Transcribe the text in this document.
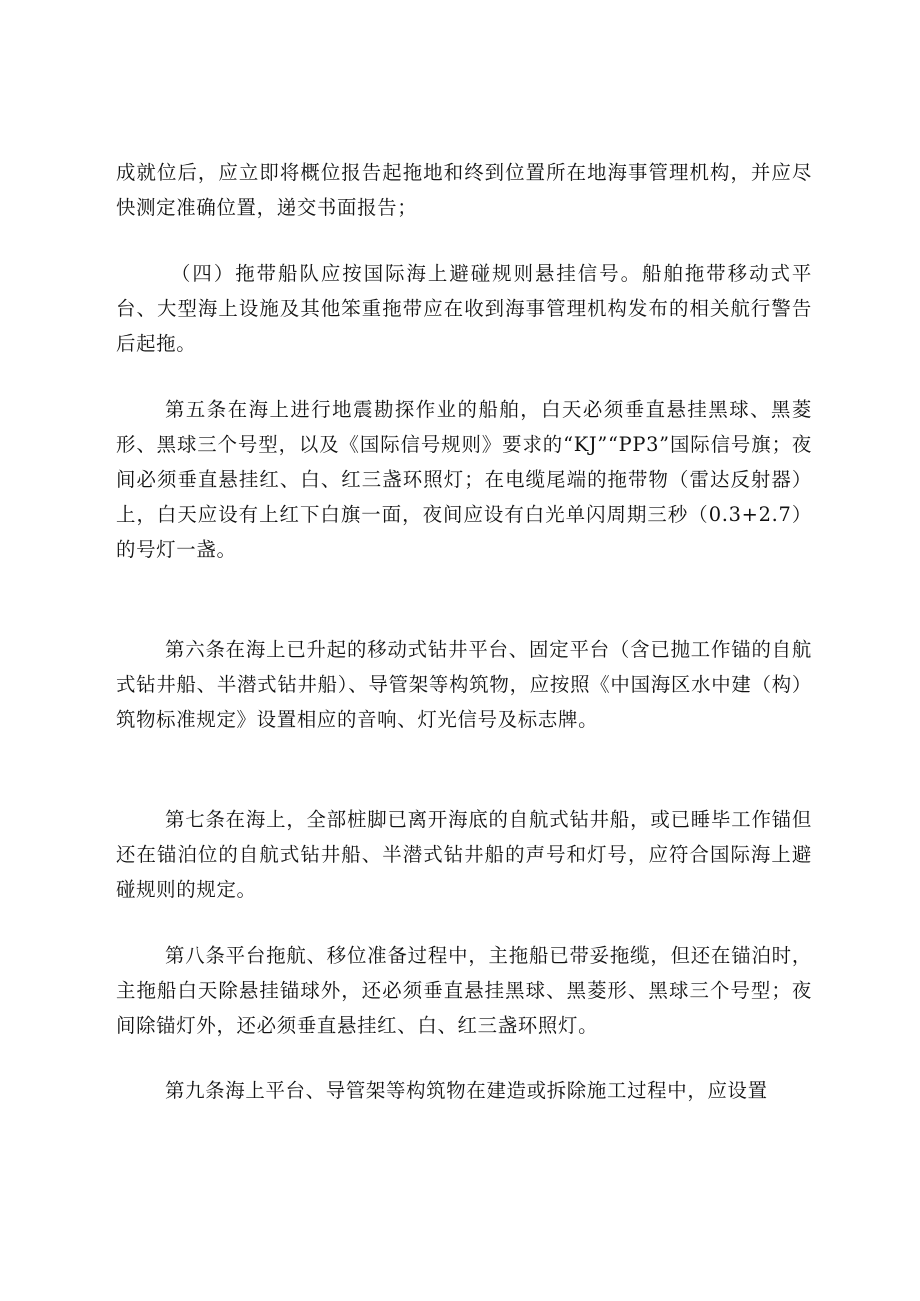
成就位后，应立即将概位报告起拖地和终到位置所在地海事管理机构，并应尽快测定准确位置，递交书面报告；

（四）拖带船队应按国际海上避碰规则悬挂信号。船舶拖带移动式平台、大型海上设施及其他笨重拖带应在收到海事管理机构发布的相关航行警告后起拖。

第五条在海上进行地震勘探作业的船舶，白天必须垂直悬挂黑球、黑菱形、黑球三个号型，以及《国际信号规则》要求的“KJ”“PP3”国际信号旗；夜间必须垂直悬挂红、白、红三盏环照灯；在电缆尾端的拖带物（雷达反射器）上，白天应设有上红下白旗一面，夜间应设有白光单闪周期三秒（0.3+2.7）的号灯一盏。

第六条在海上已升起的移动式钻井平台、固定平台（含已抛工作锚的自航式钻井船、半潜式钻井船）、导管架等构筑物，应按照《中国海区水中建（构）筑物标准规定》设置相应的音响、灯光信号及标志牌。

第七条在海上，全部桩脚已离开海底的自航式钻井船，或已睡毕工作锚但还在锚泊位的自航式钻井船、半潜式钻井船的声号和灯号，应符合国际海上避碰规则的规定。

第八条平台拖航、移位准备过程中，主拖船已带妥拖缆，但还在锚泊时，主拖船白天除悬挂锚球外，还必须垂直悬挂黑球、黑菱形、黑球三个号型；夜间除锚灯外，还必须垂直悬挂红、白、红三盏环照灯。

第九条海上平台、导管架等构筑物在建造或拆除施工过程中，应设置
